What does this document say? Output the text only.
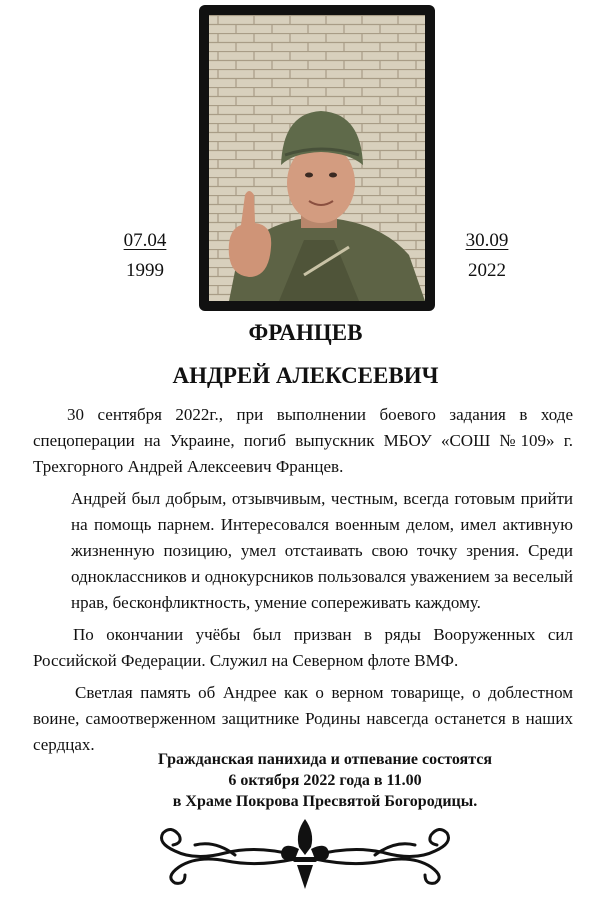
07.04
1999
30.09
2022
ФРАНЦЕВ
АНДРЕЙ АЛЕКСЕЕВИЧ

30 сентября 2022г., при выполнении боевого задания в ходе спецоперации на Украине, погиб выпускник МБОУ «СОШ №109» г. Трехгорного Андрей Алексеевич Францев.

Андрей был добрым, отзывчивым, честным, всегда готовым прийти на помощь парнем. Интересовался военным делом, имел активную жизненную позицию, умел отстаивать свою точку зрения. Среди одноклассников и однокурсников пользовался уважением за веселый нрав, бесконфликтность, умение сопереживать каждому.

По окончании учёбы был призван в ряды Вооруженных сил Российской Федерации. Служил на Северном флоте ВМФ.

Светлая память об Андрее как о верном товарище, о доблестном воине, самоотверженном защитнике Родины навсегда останется в наших сердцах.

Гражданская панихида и отпевание состоятся
6 октября 2022 года в 11.00
в Храме Покрова Пресвятой Богородицы.
